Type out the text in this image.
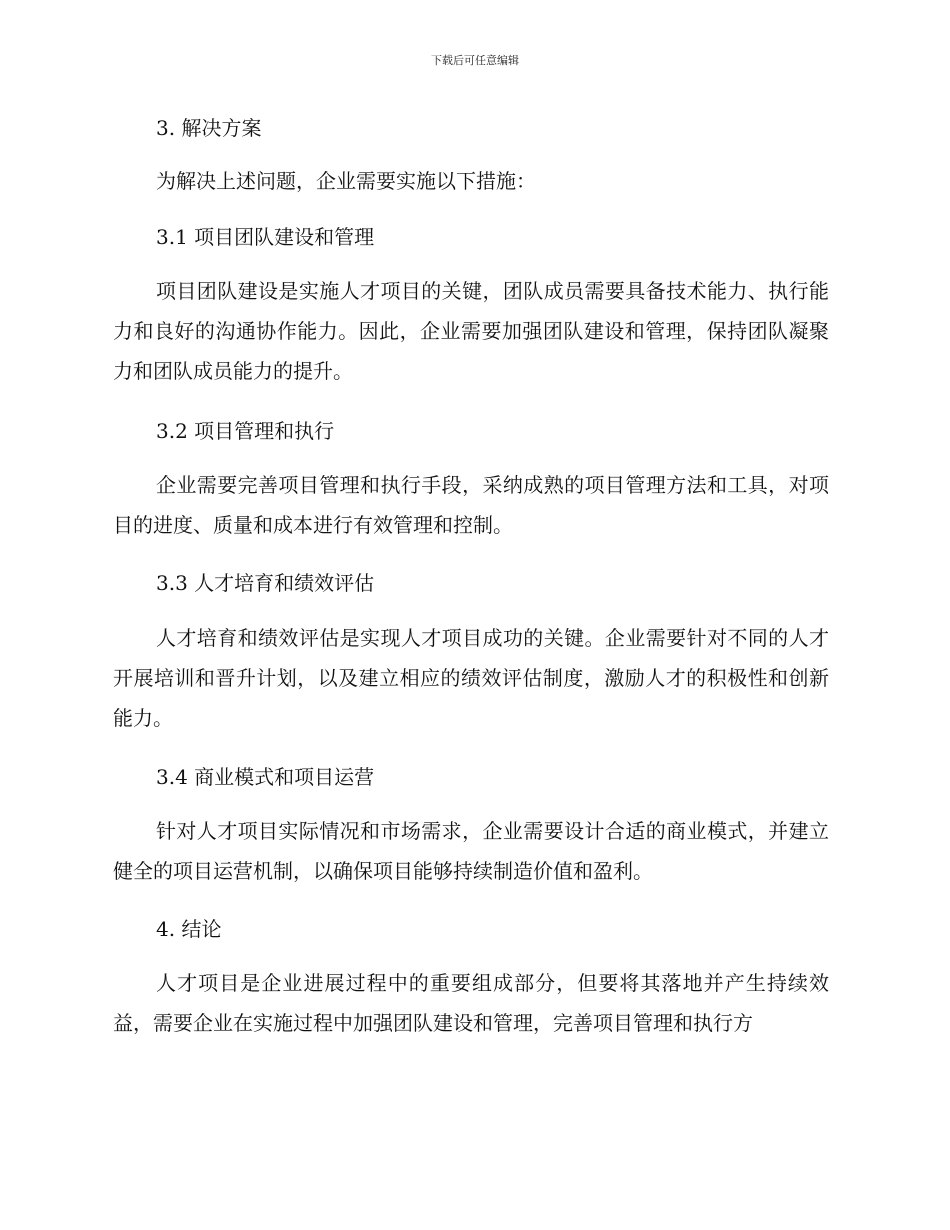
下载后可任意编辑
3. 解决方案

为解决上述问题，企业需要实施以下措施：

3.1 项目团队建设和管理

项目团队建设是实施人才项目的关键，团队成员需要具备技术能力、执行能力和良好的沟通协作能力。因此，企业需要加强团队建设和管理，保持团队凝聚力和团队成员能力的提升。

3.2 项目管理和执行

企业需要完善项目管理和执行手段，采纳成熟的项目管理方法和工具，对项目的进度、质量和成本进行有效管理和控制。

3.3 人才培育和绩效评估

人才培育和绩效评估是实现人才项目成功的关键。企业需要针对不同的人才开展培训和晋升计划，以及建立相应的绩效评估制度，激励人才的积极性和创新能力。

3.4 商业模式和项目运营

针对人才项目实际情况和市场需求，企业需要设计合适的商业模式，并建立健全的项目运营机制，以确保项目能够持续制造价值和盈利。

4. 结论

人才项目是企业进展过程中的重要组成部分，但要将其落地并产生持续效益，需要企业在实施过程中加强团队建设和管理，完善项目管理和执行方
